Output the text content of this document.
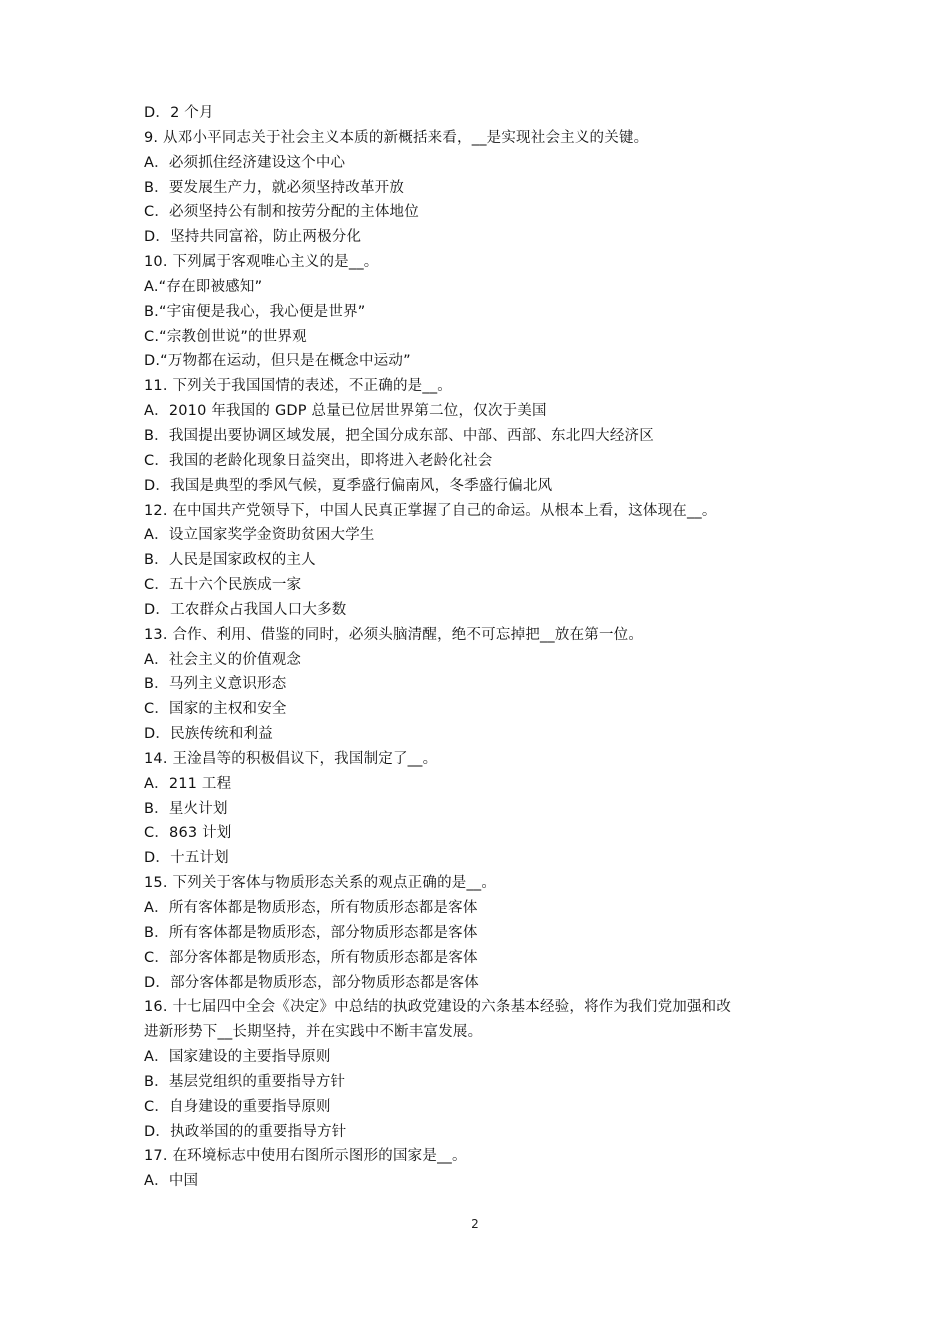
D．2 个月
9. 从邓小平同志关于社会主义本质的新概括来看，__是实现社会主义的关键。
A．必须抓住经济建设这个中心
B．要发展生产力，就必须坚持改革开放
C．必须坚持公有制和按劳分配的主体地位
D．坚持共同富裕，防止两极分化
10. 下列属于客观唯心主义的是__。
A.“存在即被感知”
B.“宇宙便是我心，我心便是世界”
C.“宗教创世说”的世界观
D.“万物都在运动，但只是在概念中运动”
11. 下列关于我国国情的表述，不正确的是__。
A．2010 年我国的 GDP 总量已位居世界第二位，仅次于美国
B．我国提出要协调区域发展，把全国分成东部、中部、西部、东北四大经济区
C．我国的老龄化现象日益突出，即将进入老龄化社会
D．我国是典型的季风气候，夏季盛行偏南风，冬季盛行偏北风
12. 在中国共产党领导下，中国人民真正掌握了自己的命运。从根本上看，这体现在__。
A．设立国家奖学金资助贫困大学生
B．人民是国家政权的主人
C．五十六个民族成一家
D．工农群众占我国人口大多数
13. 合作、利用、借鉴的同时，必须头脑清醒，绝不可忘掉把__放在第一位。
A．社会主义的价值观念
B．马列主义意识形态
C．国家的主权和安全
D．民族传统和利益
14. 王淦昌等的积极倡议下，我国制定了__。
A．211 工程
B．星火计划
C．863 计划
D．十五计划
15. 下列关于客体与物质形态关系的观点正确的是__。
A．所有客体都是物质形态，所有物质形态都是客体
B．所有客体都是物质形态，部分物质形态都是客体
C．部分客体都是物质形态，所有物质形态都是客体
D．部分客体都是物质形态，部分物质形态都是客体
16. 十七届四中全会《决定》中总结的执政党建设的六条基本经验，将作为我们党加强和改
进新形势下__长期坚持，并在实践中不断丰富发展。
A．国家建设的主要指导原则
B．基层党组织的重要指导方针
C．自身建设的重要指导原则
D．执政举国的的重要指导方针
17. 在环境标志中使用右图所示图形的国家是__。
A．中国
2
